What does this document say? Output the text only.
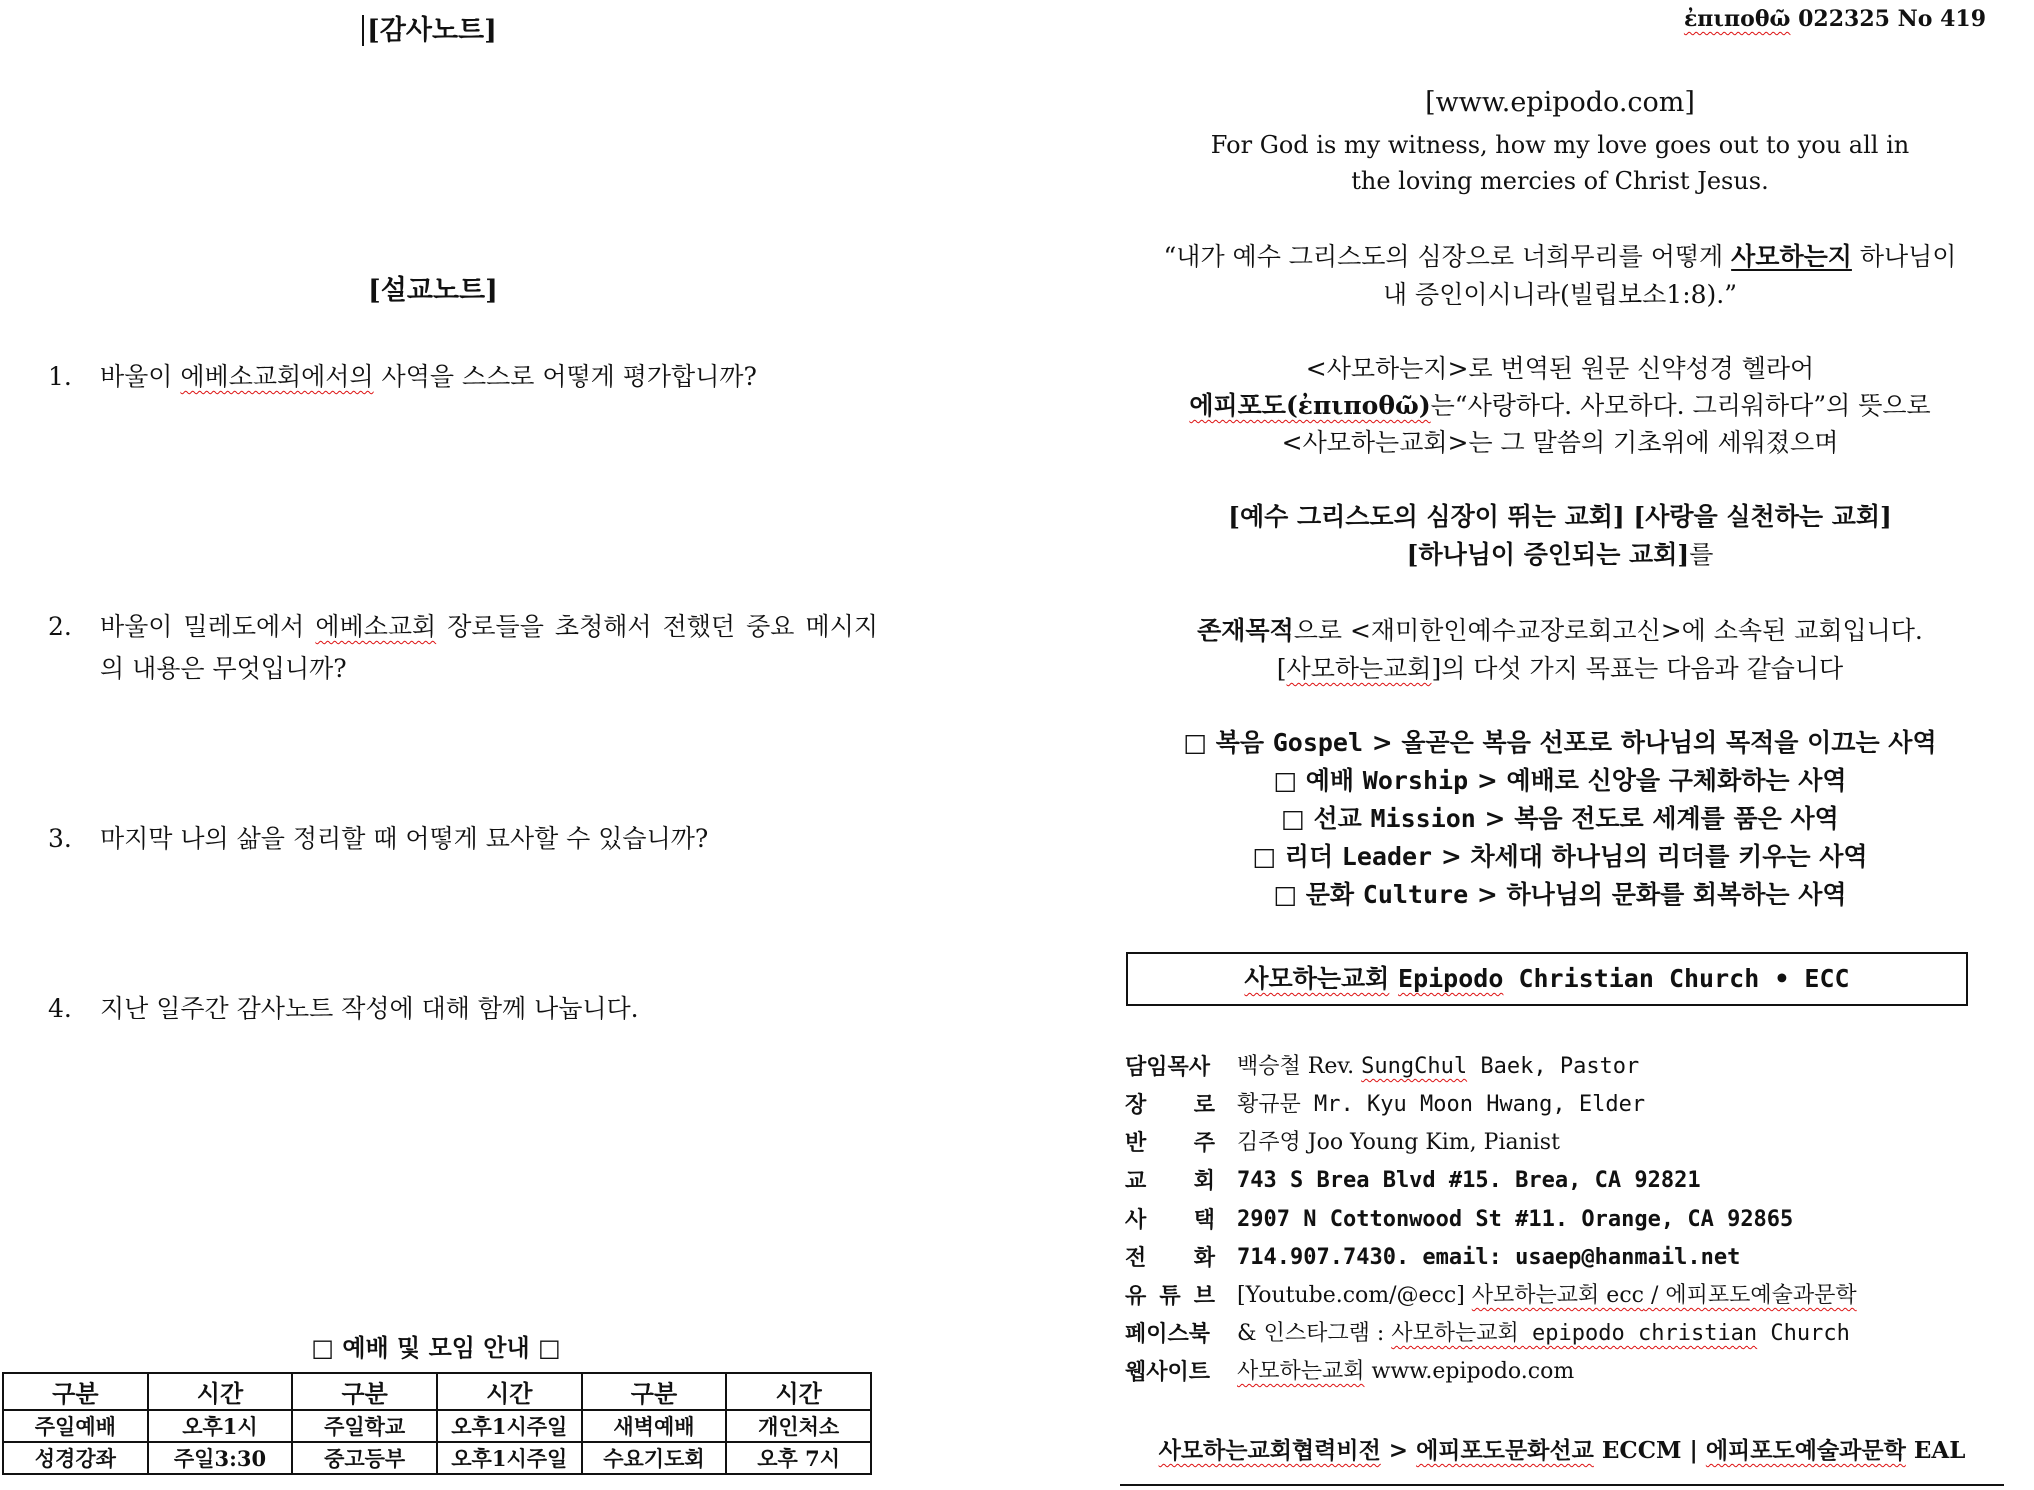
[감사노트]
[설교노트]
1.	바울이 에베소교회에서의 사역을 스스로 어떻게 평가합니까?
2.	바울이 밀레도에서 에베소교회 장로들을 초청해서 전했던 중요 메시지의 내용은 무엇입니까?
3.	마지막 나의 삶을 정리할 때 어떻게 묘사할 수 있습니까?
4.	지난 일주간 감사노트 작성에 대해 함께 나눕니다.
□ 예배 및 모임 안내 □
구분	시간	구분	시간	구분	시간
주일예배	오후1시	주일학교	오후1시주일	새벽예배	개인처소
성경강좌	주일3:30	중고등부	오후1시주일	수요기도회	오후 7시
ἐπιποθῶ 022325 No 419
[www.epipodo.com]
For God is my witness, how my love goes out to you all in
the loving mercies of Christ Jesus.
“내가 예수 그리스도의 심장으로 너희무리를 어떻게 사모하는지 하나님이
내 증인이시니라(빌립보소1:8).”
<사모하는지>로 번역된 원문 신약성경 헬라어
에피포도(ἐπιποθῶ)는“사랑하다. 사모하다. 그리워하다”의 뜻으로
<사모하는교회>는 그 말씀의 기초위에 세워졌으며
[예수 그리스도의 심장이 뛰는 교회] [사랑을 실천하는 교회]
[하나님이 증인되는 교회]를
존재목적으로 <재미한인예수교장로회고신>에 소속된 교회입니다.
[사모하는교회]의 다섯 가지 목표는 다음과 같습니다
□ 복음 Gospel > 올곧은 복음 선포로 하나님의 목적을 이끄는 사역
□ 예배 Worship > 예배로 신앙을 구체화하는 사역
□ 선교 Mission > 복음 전도로 세계를 품은 사역
□ 리더 Leader > 차세대 하나님의 리더를 키우는 사역
□ 문화 Culture > 하나님의 문화를 회복하는 사역
사모하는교회 Epipodo Christian Church • ECC
담임목사 백승철 Rev. SungChul Baek, Pastor
장 로 황규문 Mr. Kyu Moon Hwang, Elder
반 주 김주영 Joo Young Kim, Pianist
교 회 743 S Brea Blvd #15. Brea, CA 92821
사 택 2907 N Cottonwood St #11. Orange, CA 92865
전 화 714.907.7430. email: usaep@hanmail.net
유 튜 브 [Youtube.com/@ecc] 사모하는교회 ecc / 에피포도예술과문학
페이스북 & 인스타그램 : 사모하는교회 epipodo christian Church
웹사이트 사모하는교회 www.epipodo.com
사모하는교회협력비전 > 에피포도문화선교 ECCM | 에피포도예술과문학 EAL
